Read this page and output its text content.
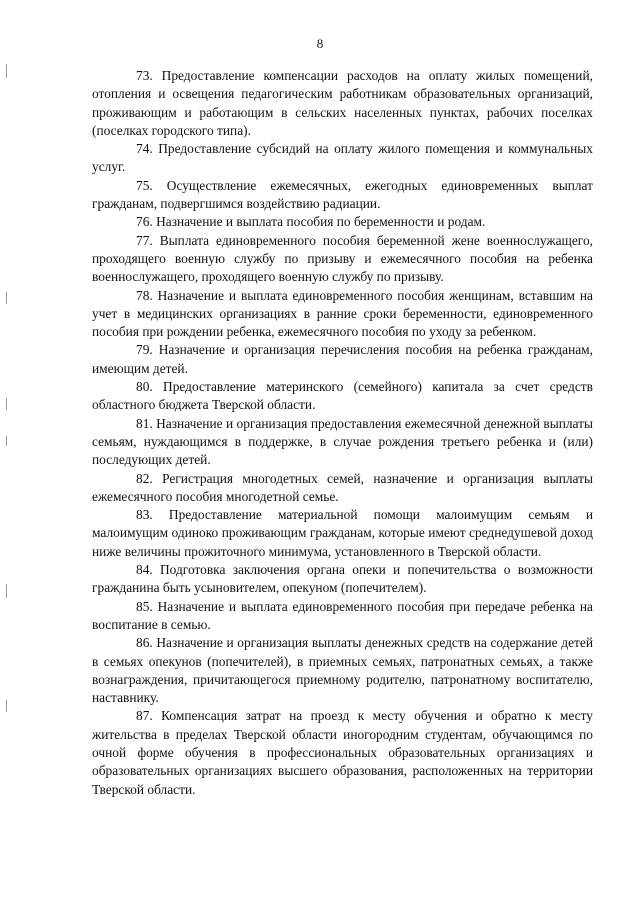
8

73. Предоставление компенсации расходов на оплату жилых помещений, отопления и освещения педагогическим работникам образовательных организаций, проживающим и работающим в сельских населенных пунктах, рабочих поселках (поселках городского типа).

74. Предоставление субсидий на оплату жилого помещения и коммунальных услуг.

75. Осуществление ежемесячных, ежегодных единовременных выплат гражданам, подвергшимся воздействию радиации.

76. Назначение и выплата пособия по беременности и родам.

77. Выплата единовременного пособия беременной жене военнослужащего, проходящего военную службу по призыву и ежемесячного пособия на ребенка военнослужащего, проходящего военную службу по призыву.

78. Назначение и выплата единовременного пособия женщинам, вставшим на учет в медицинских организациях в ранние сроки беременности, единовременного пособия при рождении ребенка, ежемесячного пособия по уходу за ребенком.

79. Назначение и организация перечисления пособия на ребенка гражданам, имеющим детей.

80. Предоставление материнского (семейного) капитала за счет средств областного бюджета Тверской области.

81. Назначение и организация предоставления ежемесячной денежной выплаты семьям, нуждающимся в поддержке, в случае рождения третьего ребенка и (или) последующих детей.

82. Регистрация многодетных семей, назначение и организация выплаты ежемесячного пособия многодетной семье.

83. Предоставление материальной помощи малоимущим семьям и малоимущим одиноко проживающим гражданам, которые имеют среднедушевой доход ниже величины прожиточного минимума, установленного в Тверской области.

84. Подготовка заключения органа опеки и попечительства о возможности гражданина быть усыновителем, опекуном (попечителем).

85. Назначение и выплата единовременного пособия при передаче ребенка на воспитание в семью.

86. Назначение и организация выплаты денежных средств на содержание детей в семьях опекунов (попечителей), в приемных семьях, патронатных семьях, а также вознаграждения, причитающегося приемному родителю, патронатному воспитателю, наставнику.

87. Компенсация затрат на проезд к месту обучения и обратно к месту жительства в пределах Тверской области иногородним студентам, обучающимся по очной форме обучения в профессиональных образовательных организациях и образовательных организациях высшего образования, расположенных на территории Тверской области.
